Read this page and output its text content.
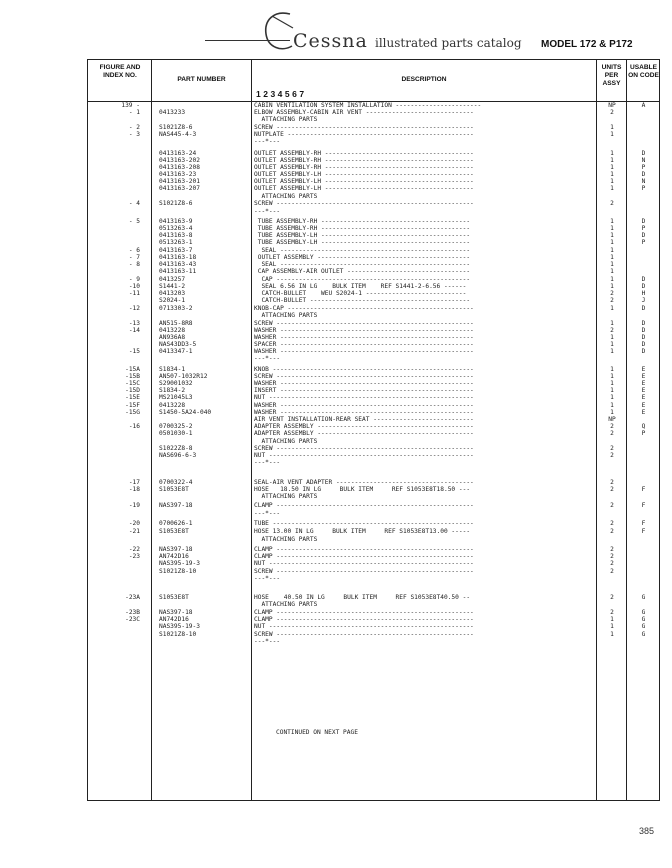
Cessna illustrated parts catalog MODEL 172 & P172
FIGURE AND INDEX NO.
PART NUMBER	DESCRIPTION
UNITS PER ASSY
USABLE ON CODE
1234567
139 -	CABIN VENTILATION SYSTEM INSTALLATION -----------------------	NP	A
- 1	0413233	ELBOW ASSEMBLY-CABIN AIR VENT -----------------------------	2
ATTACHING PARTS
- 2	S1021Z8-6	SCREW -----------------------------------------------------	1
- 3	NAS445-4-3	NUTPLATE --------------------------------------------------	1
---*---
0413163-24	OUTLET ASSEMBLY-RH ----------------------------------------	1	D
0413163-202	OUTLET ASSEMBLY-RH ----------------------------------------	1	N
0413163-208	OUTLET ASSEMBLY-RH ----------------------------------------	1	P
0413163-23	OUTLET ASSEMBLY-LH ----------------------------------------	1	D
0413163-201	OUTLET ASSEMBLY-LH ----------------------------------------	1	N
0413163-207	OUTLET ASSEMBLY-LH ----------------------------------------	1	P
ATTACHING PARTS
- 4	S1021Z8-6	SCREW -----------------------------------------------------	2
---*---
- 5	0413163-9	TUBE ASSEMBLY-RH ----------------------------------------	1	D
0513263-4	TUBE ASSEMBLY-RH ----------------------------------------	1	P
0413163-8	TUBE ASSEMBLY-LH ----------------------------------------	1	D
0513263-1	TUBE ASSEMBLY-LH ----------------------------------------	1	P
- 6	0413163-7	SEAL ---------------------------------------------------	1
- 7	0413163-18	OUTLET ASSEMBLY -----------------------------------------	1
- 8	0413163-43	SEAL ---------------------------------------------------	1
0413163-11	CAP ASSEMBLY-AIR OUTLET ---------------------------------	1
- 9	0413257	CAP ----------------------------------------------------	1	D
-10	S1441-2	SEAL 6.56 IN LG    BULK ITEM    REF S1441-2-6.56 ------	1	D
-11	0413203	CATCH-BULLET    WEU S2024-1 ---------------------------	2	H
S2024-1	CATCH-BULLET -------------------------------------------	2	J
-12	0713303-2	KNOB-CAP --------------------------------------------------	1	D
ATTACHING PARTS
-13	AN515-8R8	SCREW -----------------------------------------------------	1	D
-14	0413228	WASHER ----------------------------------------------------	2	D
AN936A8	WASHER ----------------------------------------------------	1	D
NAS43DD3-5	SPACER ----------------------------------------------------	1	D
-15	0413347-1	WASHER ----------------------------------------------------	1	D
---*---
-15A	S1834-1	KNOB ------------------------------------------------------	1	E
-15B	AN507-1032R12	SCREW -----------------------------------------------------	1	E
-15C	S29001032	WASHER ----------------------------------------------------	1	E
-15D	S1834-2	INSERT ----------------------------------------------------	1	E
-15E	MS21045L3	NUT -------------------------------------------------------	1	E
-15F	0413228	WASHER ----------------------------------------------------	1	E
-15G	S1450-5A24-040	WASHER ----------------------------------------------------	1	E
AIR VENT INSTALLATION-REAR SEAT ---------------------------	NP
-16	0700325-2	ADAPTER ASSEMBLY ------------------------------------------	2	Q
0501030-1	ADAPTER ASSEMBLY ------------------------------------------	2	P
ATTACHING PARTS
S1022Z8-8	SCREW -----------------------------------------------------	2
NAS696-6-3	NUT -------------------------------------------------------	2
---*---
-17	0700322-4	SEAL-AIR VENT ADAPTER -------------------------------------	2
-18	S1053E8T	HOSE   18.50 IN LG     BULK ITEM     REF S1053E8T18.50 ---	2	F
ATTACHING PARTS
-19	NAS397-18	CLAMP -----------------------------------------------------	2	F
---*---
-20	0700626-1	TUBE ------------------------------------------------------	2	F
-21	S1053E8T	HOSE 13.00 IN LG     BULK ITEM     REF S1053E8T13.00 -----	2	F
ATTACHING PARTS
-22	NAS397-18	CLAMP -----------------------------------------------------	2
-23	AN742D16	CLAMP -----------------------------------------------------	2
NAS395-19-3	NUT -------------------------------------------------------	2
S1021Z8-10	SCREW -----------------------------------------------------	2
---*---
-23A	S1053E8T	HOSE    40.50 IN LG     BULK ITEM     REF S1053E8T40.50 --	2	G
ATTACHING PARTS
-23B	NAS397-18	CLAMP -----------------------------------------------------	2	G
-23C	AN742D16	CLAMP -----------------------------------------------------	1	G
NAS395-19-3	NUT -------------------------------------------------------	1	G
S1021Z8-10	SCREW -----------------------------------------------------	1	G
---*---
CONTINUED ON NEXT PAGE
385
